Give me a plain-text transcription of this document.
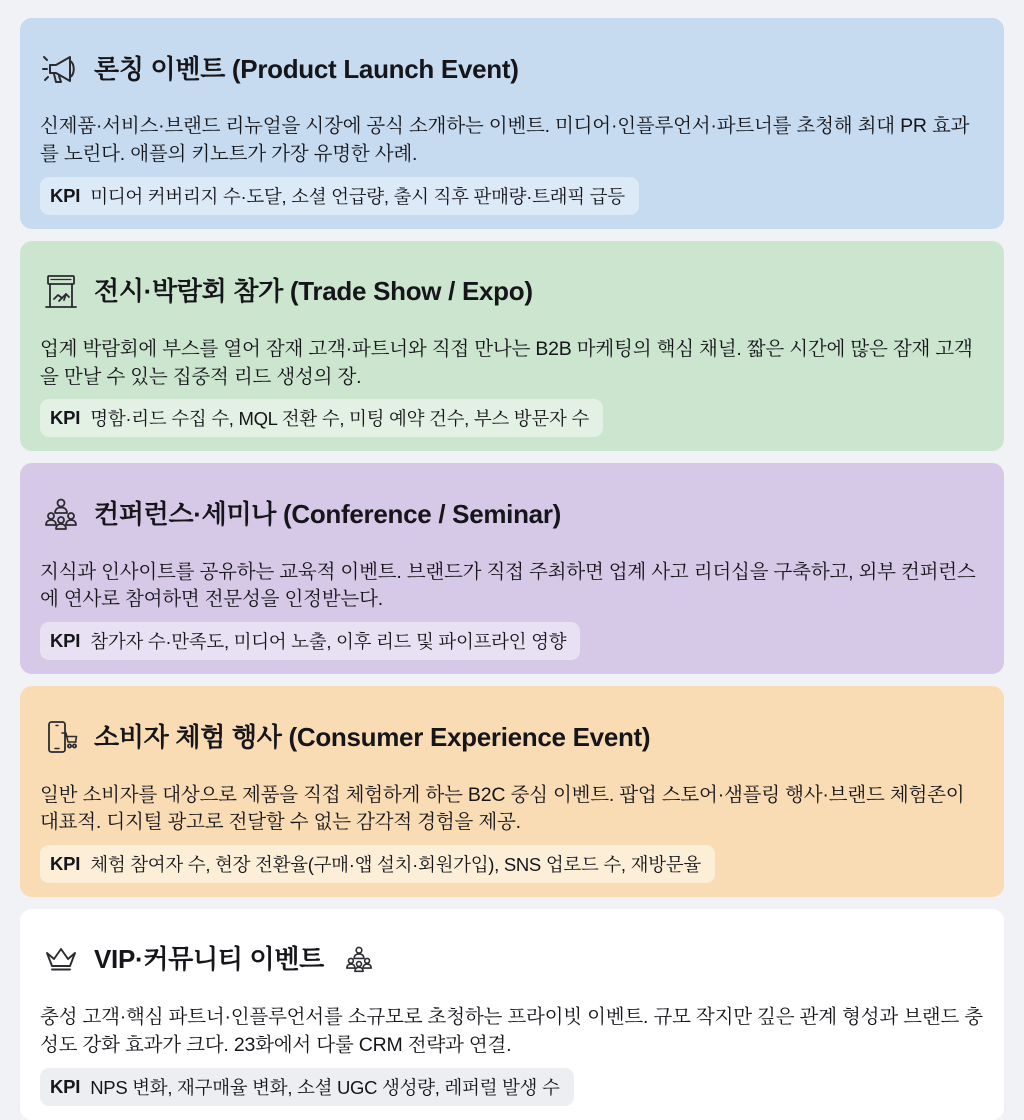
론칭 이벤트 (Product Launch Event)

신제품·서비스·브랜드 리뉴얼을 시장에 공식 소개하는 이벤트. 미디어·인플루언서·파트너를 초청해 최대 PR 효과를 노린다. 애플의 키노트가 가장 유명한 사례.

KPI 미디어 커버리지 수·도달, 소셜 언급량, 출시 직후 판매량·트래픽 급등
전시·박람회 참가 (Trade Show / Expo)

업계 박람회에 부스를 열어 잠재 고객·파트너와 직접 만나는 B2B 마케팅의 핵심 채널. 짧은 시간에 많은 잠재 고객을 만날 수 있는 집중적 리드 생성의 장.

KPI 명함·리드 수집 수, MQL 전환 수, 미팅 예약 건수, 부스 방문자 수
컨퍼런스·세미나 (Conference / Seminar)

지식과 인사이트를 공유하는 교육적 이벤트. 브랜드가 직접 주최하면 업계 사고 리더십을 구축하고, 외부 컨퍼런스에 연사로 참여하면 전문성을 인정받는다.

KPI 참가자 수·만족도, 미디어 노출, 이후 리드 및 파이프라인 영향
소비자 체험 행사 (Consumer Experience Event)

일반 소비자를 대상으로 제품을 직접 체험하게 하는 B2C 중심 이벤트. 팝업 스토어·샘플링 행사·브랜드 체험존이 대표적. 디지털 광고로 전달할 수 없는 감각적 경험을 제공.

KPI 체험 참여자 수, 현장 전환율(구매·앱 설치·회원가입), SNS 업로드 수, 재방문율
VIP·커뮤니티 이벤트

충성 고객·핵심 파트너·인플루언서를 소규모로 초청하는 프라이빗 이벤트. 규모 작지만 깊은 관계 형성과 브랜드 충성도 강화 효과가 크다. 23화에서 다룰 CRM 전략과 연결.

KPI NPS 변화, 재구매율 변화, 소셜 UGC 생성량, 레퍼럴 발생 수
